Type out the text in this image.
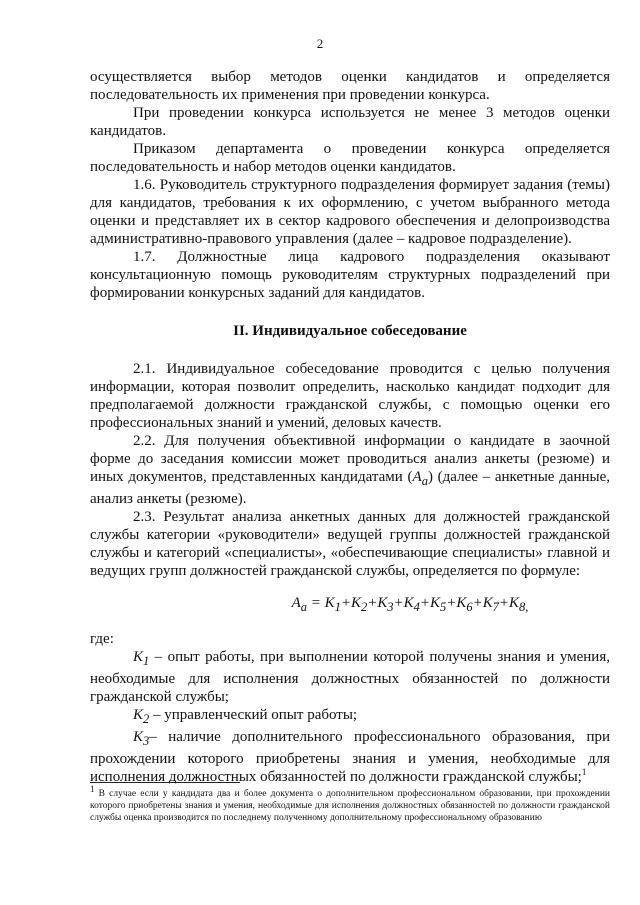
2

осуществляется выбор методов оценки кандидатов и определяется последовательность их применения при проведении конкурса.

При проведении конкурса используется не менее 3 методов оценки кандидатов.

Приказом департамента о проведении конкурса определяется последовательность и набор методов оценки кандидатов.

1.6. Руководитель структурного подразделения формирует задания (темы) для кандидатов, требования к их оформлению, с учетом выбранного метода оценки и представляет их в сектор кадрового обеспечения и делопроизводства административно-правового управления (далее – кадровое подразделение).

1.7. Должностные лица кадрового подразделения оказывают консультационную помощь руководителям структурных подразделений при формировании конкурсных заданий для кандидатов.

II. Индивидуальное собеседование

2.1. Индивидуальное собеседование проводится с целью получения информации, которая позволит определить, насколько кандидат подходит для предполагаемой должности гражданской службы, с помощью оценки его профессиональных знаний и умений, деловых качеств.

2.2. Для получения объективной информации о кандидате в заочной форме до заседания комиссии может проводиться анализ анкеты (резюме) и иных документов, представленных кандидатами $(А_а)$ (далее – анкетные данные, анализ анкеты (резюме).

2.3. Результат анализа анкетных данных для должностей гражданской службы категории «руководители» ведущей группы должностей гражданской службы и категорий «специалисты», «обеспечивающие специалисты» главной и ведущих групп должностей гражданской службы, определяется по формуле:

$А_а = К_1+К_2+К_3+К_4+К_5+К_6+К_7+К_{8,}$

где:

$К_1$ – опыт работы, при выполнении которой получены знания и умения, необходимые для исполнения должностных обязанностей по должности гражданской службы;

$К_2$ – управленческий опыт работы;

$К_3-$ наличие дополнительного профессионального образования, при прохождении которого приобретены знания и умения, необходимые для исполнения должностных обязанностей по должности гражданской службы;$^1$

$^1$ В случае если у кандидата два и более документа о дополнительном профессиональном образовании, при прохождении которого приобретены знания и умения, необходимые для исполнения должностных обязанностей по должности гражданской службы оценка производится по последнему полученному дополнительному профессиональному образованию
